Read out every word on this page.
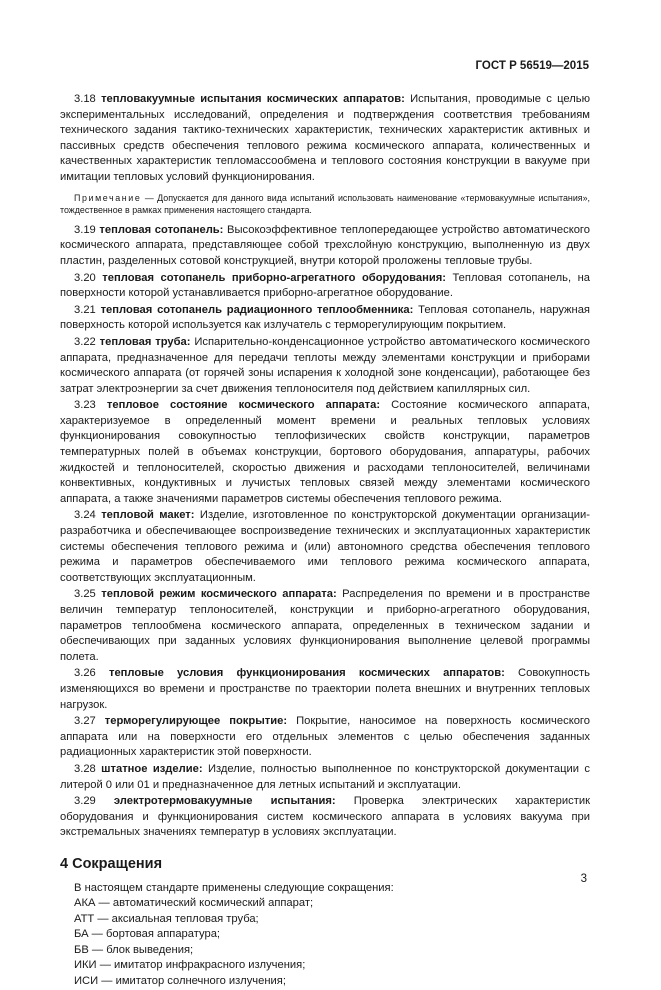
ГОСТ Р 56519—2015

3.18 тепловакуумные испытания космических аппаратов: Испытания, проводимые с целью экспериментальных исследований, определения и подтверждения соответствия требованиям технического задания тактико-технических характеристик, технических характеристик активных и пассивных средств обеспечения теплового режима космического аппарата, количественных и качественных характеристик тепломассообмена и теплового состояния конструкции в вакууме при имитации тепловых условий функционирования.

Примечание — Допускается для данного вида испытаний использовать наименование «термовакуумные испытания», тождественное в рамках применения настоящего стандарта.

3.19 тепловая сотопанель: Высокоэффективное теплопередающее устройство автоматического космического аппарата, представляющее собой трехслойную конструкцию, выполненную из двух пластин, разделенных сотовой конструкцией, внутри которой проложены тепловые трубы.

3.20 тепловая сотопанель приборно-агрегатного оборудования: Тепловая сотопанель, на поверхности которой устанавливается приборно-агрегатное оборудование.

3.21 тепловая сотопанель радиационного теплообменника: Тепловая сотопанель, наружная поверхность которой используется как излучатель с терморегулирующим покрытием.

3.22 тепловая труба: Испарительно-конденсационное устройство автоматического космического аппарата, предназначенное для передачи теплоты между элементами конструкции и приборами космического аппарата (от горячей зоны испарения к холодной зоне конденсации), работающее без затрат электроэнергии за счет движения теплоносителя под действием капиллярных сил.

3.23 тепловое состояние космического аппарата: Состояние космического аппарата, характеризуемое в определенный момент времени и реальных тепловых условиях функционирования совокупностью теплофизических свойств конструкции, параметров температурных полей в объемах конструкции, бортового оборудования, аппаратуры, рабочих жидкостей и теплоносителей, скоростью движения и расходами теплоносителей, величинами конвективных, кондуктивных и лучистых тепловых связей между элементами космического аппарата, а также значениями параметров системы обеспечения теплового режима.

3.24 тепловой макет: Изделие, изготовленное по конструкторской документации организации-разработчика и обеспечивающее воспроизведение технических и эксплуатационных характеристик системы обеспечения теплового режима и (или) автономного средства обеспечения теплового режима и параметров обеспечиваемого ими теплового режима космического аппарата, соответствующих эксплуатационным.

3.25 тепловой режим космического аппарата: Распределения по времени и в пространстве величин температур теплоносителей, конструкции и приборно-агрегатного оборудования, параметров теплообмена космического аппарата, определенных в техническом задании и обеспечивающих при заданных условиях функционирования выполнение целевой программы полета.

3.26 тепловые условия функционирования космических аппаратов: Совокупность изменяющихся во времени и пространстве по траектории полета внешних и внутренних тепловых нагрузок.

3.27 терморегулирующее покрытие: Покрытие, наносимое на поверхность космического аппарата или на поверхности его отдельных элементов с целью обеспечения заданных радиационных характеристик этой поверхности.

3.28 штатное изделие: Изделие, полностью выполненное по конструкторской документации с литерой 0 или 01 и предназначенное для летных испытаний и эксплуатации.

3.29 электротермовакуумные испытания: Проверка электрических характеристик оборудования и функционирования систем космического аппарата в условиях вакуума при экстремальных значениях температур в условиях эксплуатации.

4 Сокращения

В настоящем стандарте применены следующие сокращения:

АКА — автоматический космический аппарат;

АТТ — аксиальная тепловая труба;

БА — бортовая аппаратура;

БВ — блок выведения;

ИКИ — имитатор инфракрасного излучения;

ИСИ — имитатор солнечного излучения;

3
